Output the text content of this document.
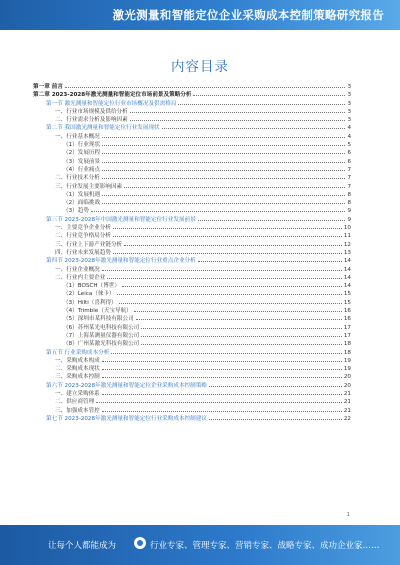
激光测量和智能定位企业采购成本控制策略研究报告
内容目录
第一章 前言	3
第二章 2023-2028年激光测量和智能定位市场前景及策略分析	3
第一节 激光测量和智能定位行业市场概况及供需格局	3
一、行业市场规模及供给分析	3
二、行业需求分析及影响因素	3
第二节 我国激光测量和智能定位行业发展现状	4
一、行业基本概况	4
（1）行业现状	5
（2）发展历程	6
（3）发展前景	6
（4）行业痛点	7
二、行业技术分析	7
三、行业发展主要影响因素	7
（1）发展机遇	8
（2）面临挑战	8
（3）趋势	9
第三节 2023-2028年中国激光测量和智能定位行业发展前景	9
一、主要竞争企业分析	10
二、行业竞争格局分析	11
三、行业上下游产业链分析	12
四、行业未来发展趋势	13
第四节 2023-2028年激光测量和智能定位行业重点企业分析	14
一、行业企业概况	14
二、行业内主要企业	14
（1）BOSCH（博世）	14
（2）Leica（徕卡）	15
（3）Hilti（喜利得）	15
（4）Trimble（天宝导航）	16
（5）深圳市某科技有限公司	16
（6）苏州某光电科技有限公司	17
（7）上海某测量仪器有限公司	17
（8）广州某激光科技有限公司	18
第五节 行业采购成本分析	18
一、采购成本构成	19
二、采购成本现状	19
三、采购成本控制	20
第六节 2023-2028年激光测量和智能定位企业采购成本控制策略	20
一、建立采购体系	21
二、供应商管理	21
三、加强成本管控	21
第七节 2023-2028年激光测量和智能定位行业采购成本控制建议	22
1
让每个人都能成为	行业专家、管理专家、营销专家、战略专家、成功企业家……
